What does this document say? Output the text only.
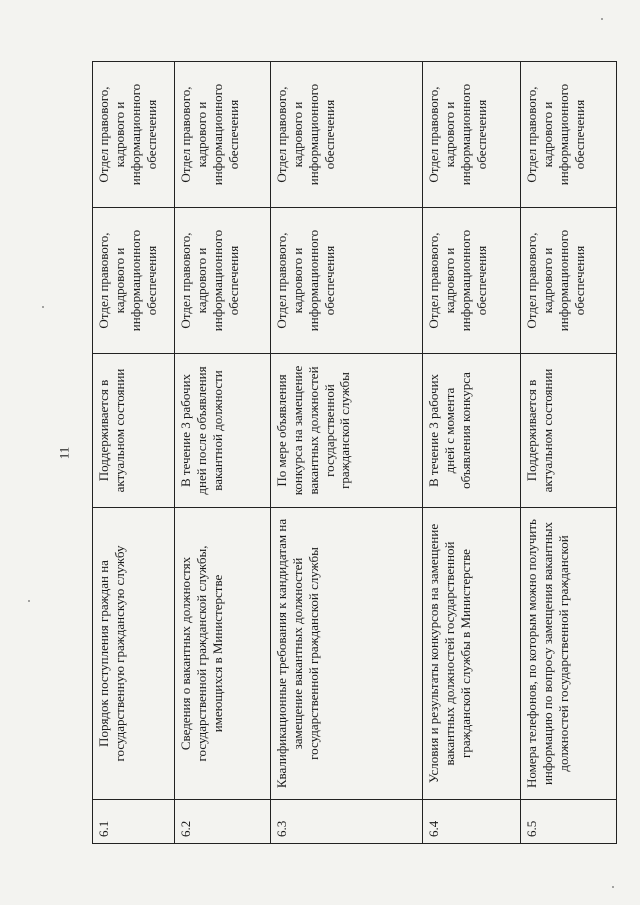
11
6.1	Порядок поступления граждан на государственную гражданскую службу	Поддерживается в актуальном состоянии	Отдел правового, кадрового и информационного обеспечения	Отдел правового, кадрового и информационного обеспечения
6.2	Сведения о вакантных должностях государственной гражданской службы, имеющихся в Министерстве	В течение 3 рабочих дней после объявления вакантной должности	Отдел правового, кадрового и информационного обеспечения	Отдел правового, кадрового и информационного обеспечения
6.3	Квалификационные требования к кандидатам на замещение вакантных должностей государственной гражданской службы	По мере объявления конкурса на замещение вакантных должностей государственной гражданской службы	Отдел правового, кадрового и информационного обеспечения	Отдел правового, кадрового и информационного обеспечения
6.4	Условия и результаты конкурсов на замещение вакантных должностей государственной гражданской службы в Министерстве	В течение 3 рабочих дней с момента объявления конкурса	Отдел правового, кадрового и информационного обеспечения	Отдел правового, кадрового и информационного обеспечения
6.5	Номера телефонов, по которым можно получить информацию по вопросу замещения вакантных должностей государственной гражданской	Поддерживается в актуальном состоянии	Отдел правового, кадрового и информационного обеспечения	Отдел правового, кадрового и информационного обеспечения
